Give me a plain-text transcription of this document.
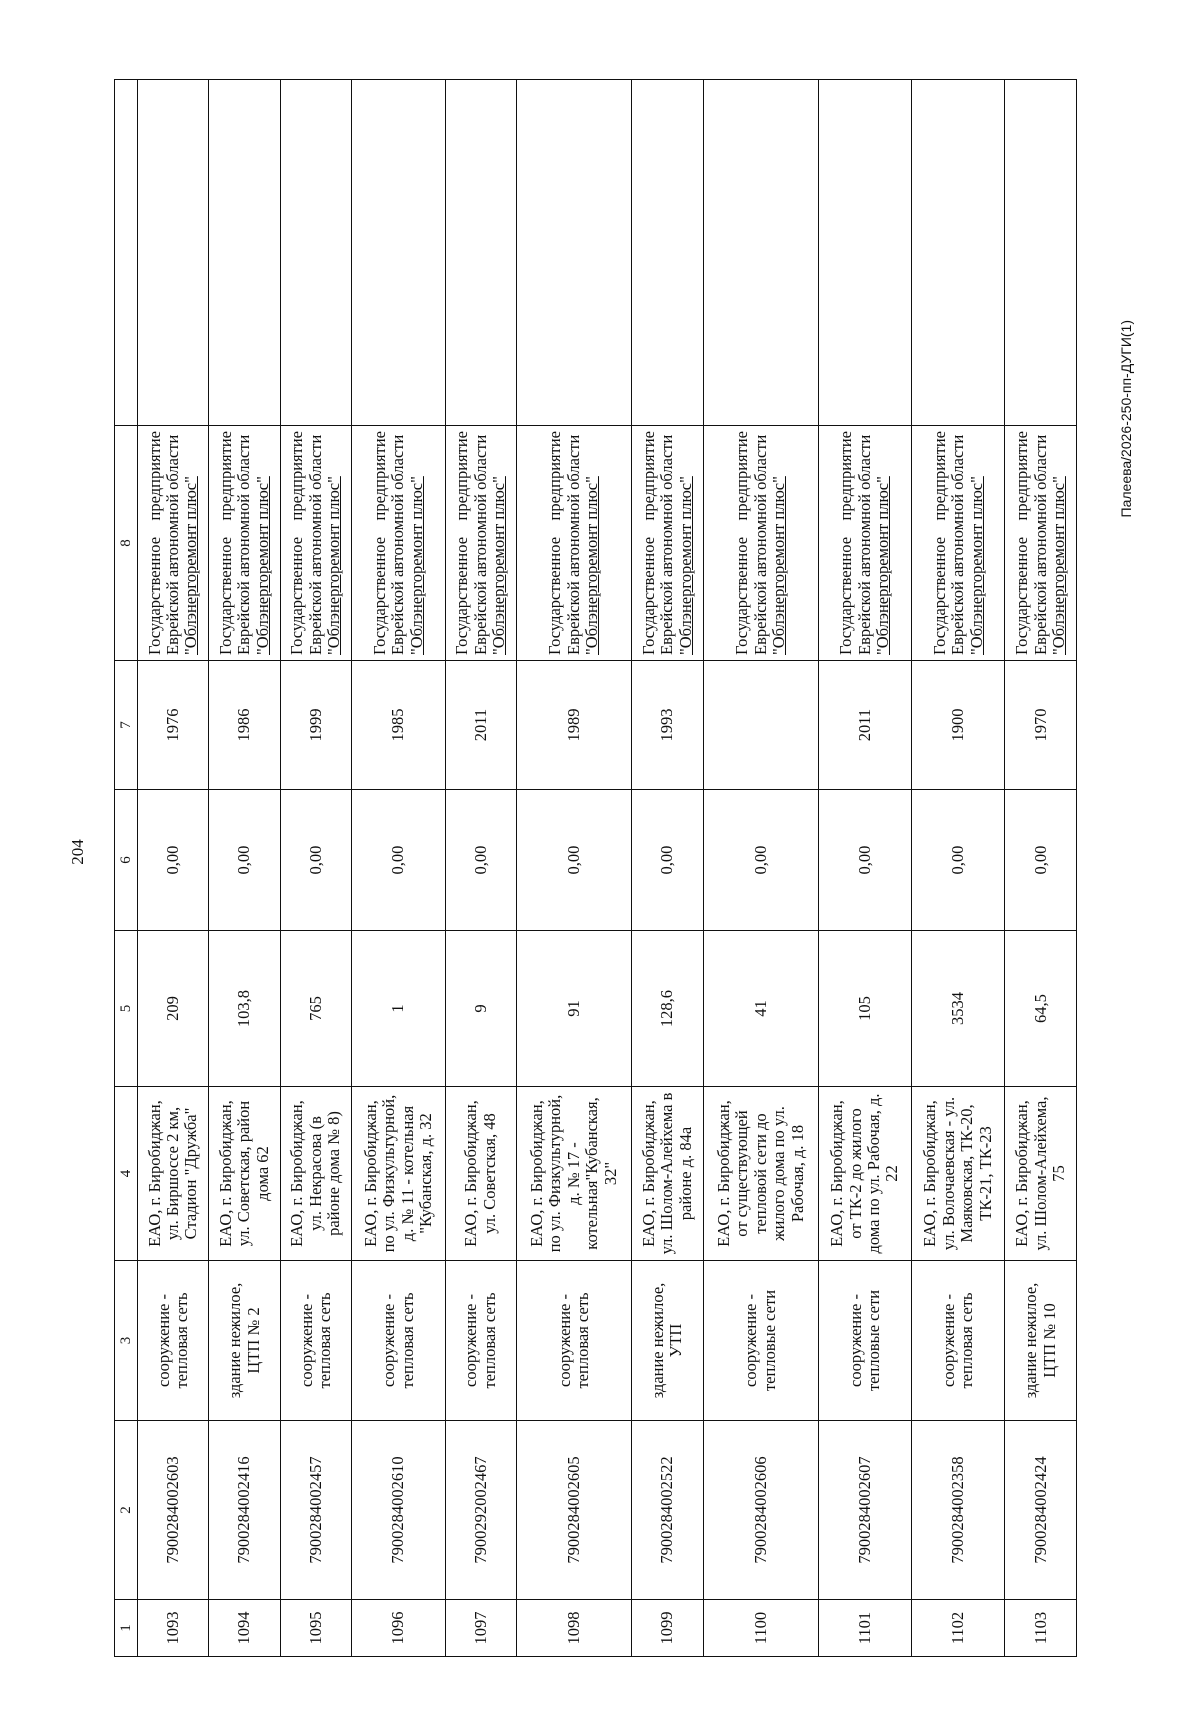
204
Палеева/2026-250-пп-ДУГИ(1)
1	2	3	4	5	6	7	8	
1093	7900284002603	сооружение - тепловая сеть	ЕАО, г. Биробиджан, ул. Биршоссе 2 км, Стадион "Дружба"	209	0,00	1976	Государственное предприятие Еврейской автономной области "Облэнергоремонт плюс"	

1094	7900284002416	здание нежилое, ЦТП № 2	ЕАО, г. Биробиджан, ул. Советская, район дома 62	103,8	0,00	1986	Государственное предприятие Еврейской автономной области "Облэнергоремонт плюс"	

1095	7900284002457	сооружение - тепловая сеть	ЕАО, г. Биробиджан, ул. Некрасова (в районе дома № 8)	765	0,00	1999	Государственное предприятие Еврейской автономной области "Облэнергоремонт плюс"	

1096	7900284002610	сооружение - тепловая сеть	ЕАО, г. Биробиджан, по ул. Физкультурной, д. № 11 - котельная "Кубанская, д. 32	1	0,00	1985	Государственное предприятие Еврейской автономной области "Облэнергоремонт плюс"	

1097	7900292002467	сооружение - тепловая сеть	ЕАО, г. Биробиджан, ул. Советская, 48	9	0,00	2011	Государственное предприятие Еврейской автономной области "Облэнергоремонт плюс"	

1098	7900284002605	сооружение - тепловая сеть	ЕАО, г. Биробиджан, по ул. Физкультурной, д. № 17 - котельная"Кубанская, 32"	91	0,00	1989	Государственное предприятие Еврейской автономной области "Облэнергоремонт плюс"	

1099	7900284002522	здание нежилое, УТП	ЕАО, г. Биробиджан, ул. Шолом-Алейхема в районе д. 84а	128,6	0,00	1993	Государственное предприятие Еврейской автономной области "Облэнергоремонт плюс"	

1100	7900284002606	сооружение - тепловые сети	ЕАО, г. Биробиджан, от существующей тепловой сети до жилого дома по ул. Рабочая, д. 18	41	0,00		Государственное предприятие Еврейской автономной области "Облэнергоремонт плюс"	

1101	7900284002607	сооружение - тепловые сети	ЕАО, г. Биробиджан, от ТК-2 до жилого дома по ул. Рабочая, д. 22	105	0,00	2011	Государственное предприятие Еврейской автономной области "Облэнергоремонт плюс"	

1102	7900284002358	сооружение - тепловая сеть	ЕАО, г. Биробиджан, ул. Волочаевская - ул. Маяковская, ТК-20, ТК-21, ТК-23	3534	0,00	1900	Государственное предприятие Еврейской автономной области "Облэнергоремонт плюс"	

1103	7900284002424	здание нежилое, ЦТП № 10	ЕАО, г. Биробиджан, ул. Шолом-Алейхема, 75	64,5	0,00	1970	Государственное предприятие Еврейской автономной области "Облэнергоремонт плюс"	
